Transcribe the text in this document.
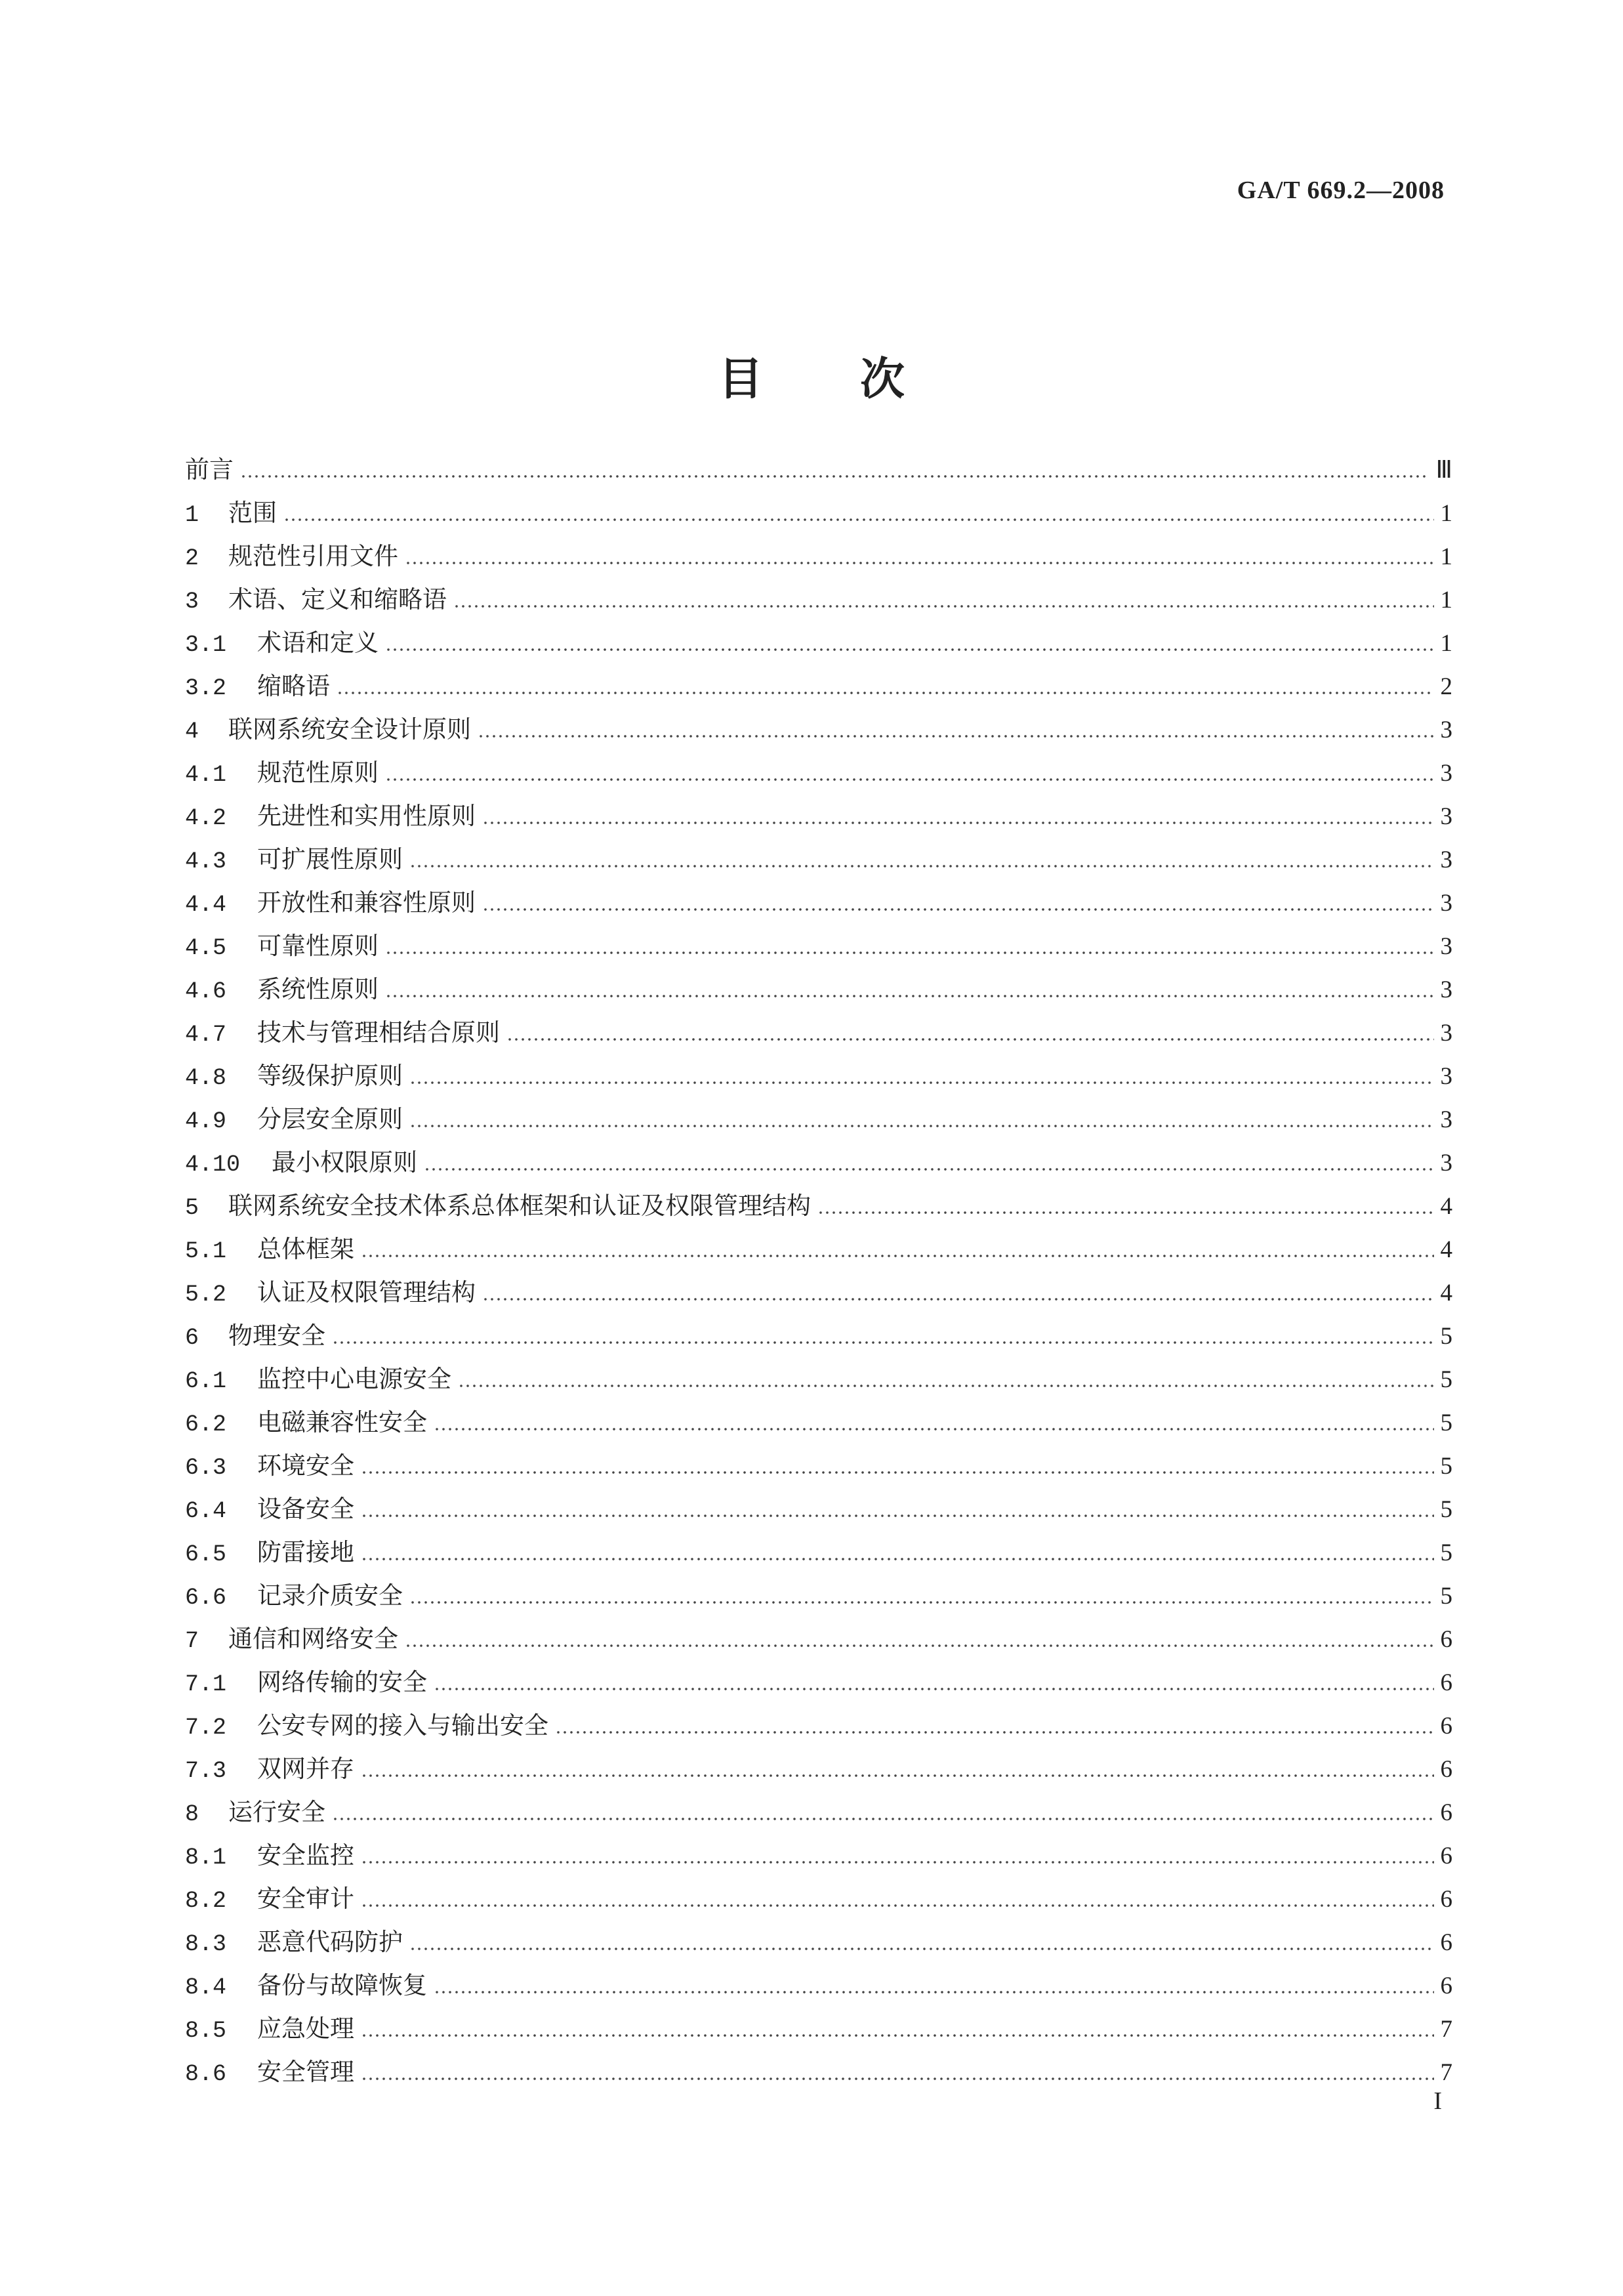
GA/T 669.2—2008
目 次
前言	Ⅲ
1	范围	1
2	规范性引用文件	1
3	术语、定义和缩略语	1
3.1	术语和定义	1
3.2	缩略语	2
4	联网系统安全设计原则	3
4.1	规范性原则	3
4.2	先进性和实用性原则	3
4.3	可扩展性原则	3
4.4	开放性和兼容性原则	3
4.5	可靠性原则	3
4.6	系统性原则	3
4.7	技术与管理相结合原则	3
4.8	等级保护原则	3
4.9	分层安全原则	3
4.10	最小权限原则	3
5	联网系统安全技术体系总体框架和认证及权限管理结构	4
5.1	总体框架	4
5.2	认证及权限管理结构	4
6	物理安全	5
6.1	监控中心电源安全	5
6.2	电磁兼容性安全	5
6.3	环境安全	5
6.4	设备安全	5
6.5	防雷接地	5
6.6	记录介质安全	5
7	通信和网络安全	6
7.1	网络传输的安全	6
7.2	公安专网的接入与输出安全	6
7.3	双网并存	6
8	运行安全	6
8.1	安全监控	6
8.2	安全审计	6
8.3	恶意代码防护	6
8.4	备份与故障恢复	6
8.5	应急处理	7
8.6	安全管理	7
I
